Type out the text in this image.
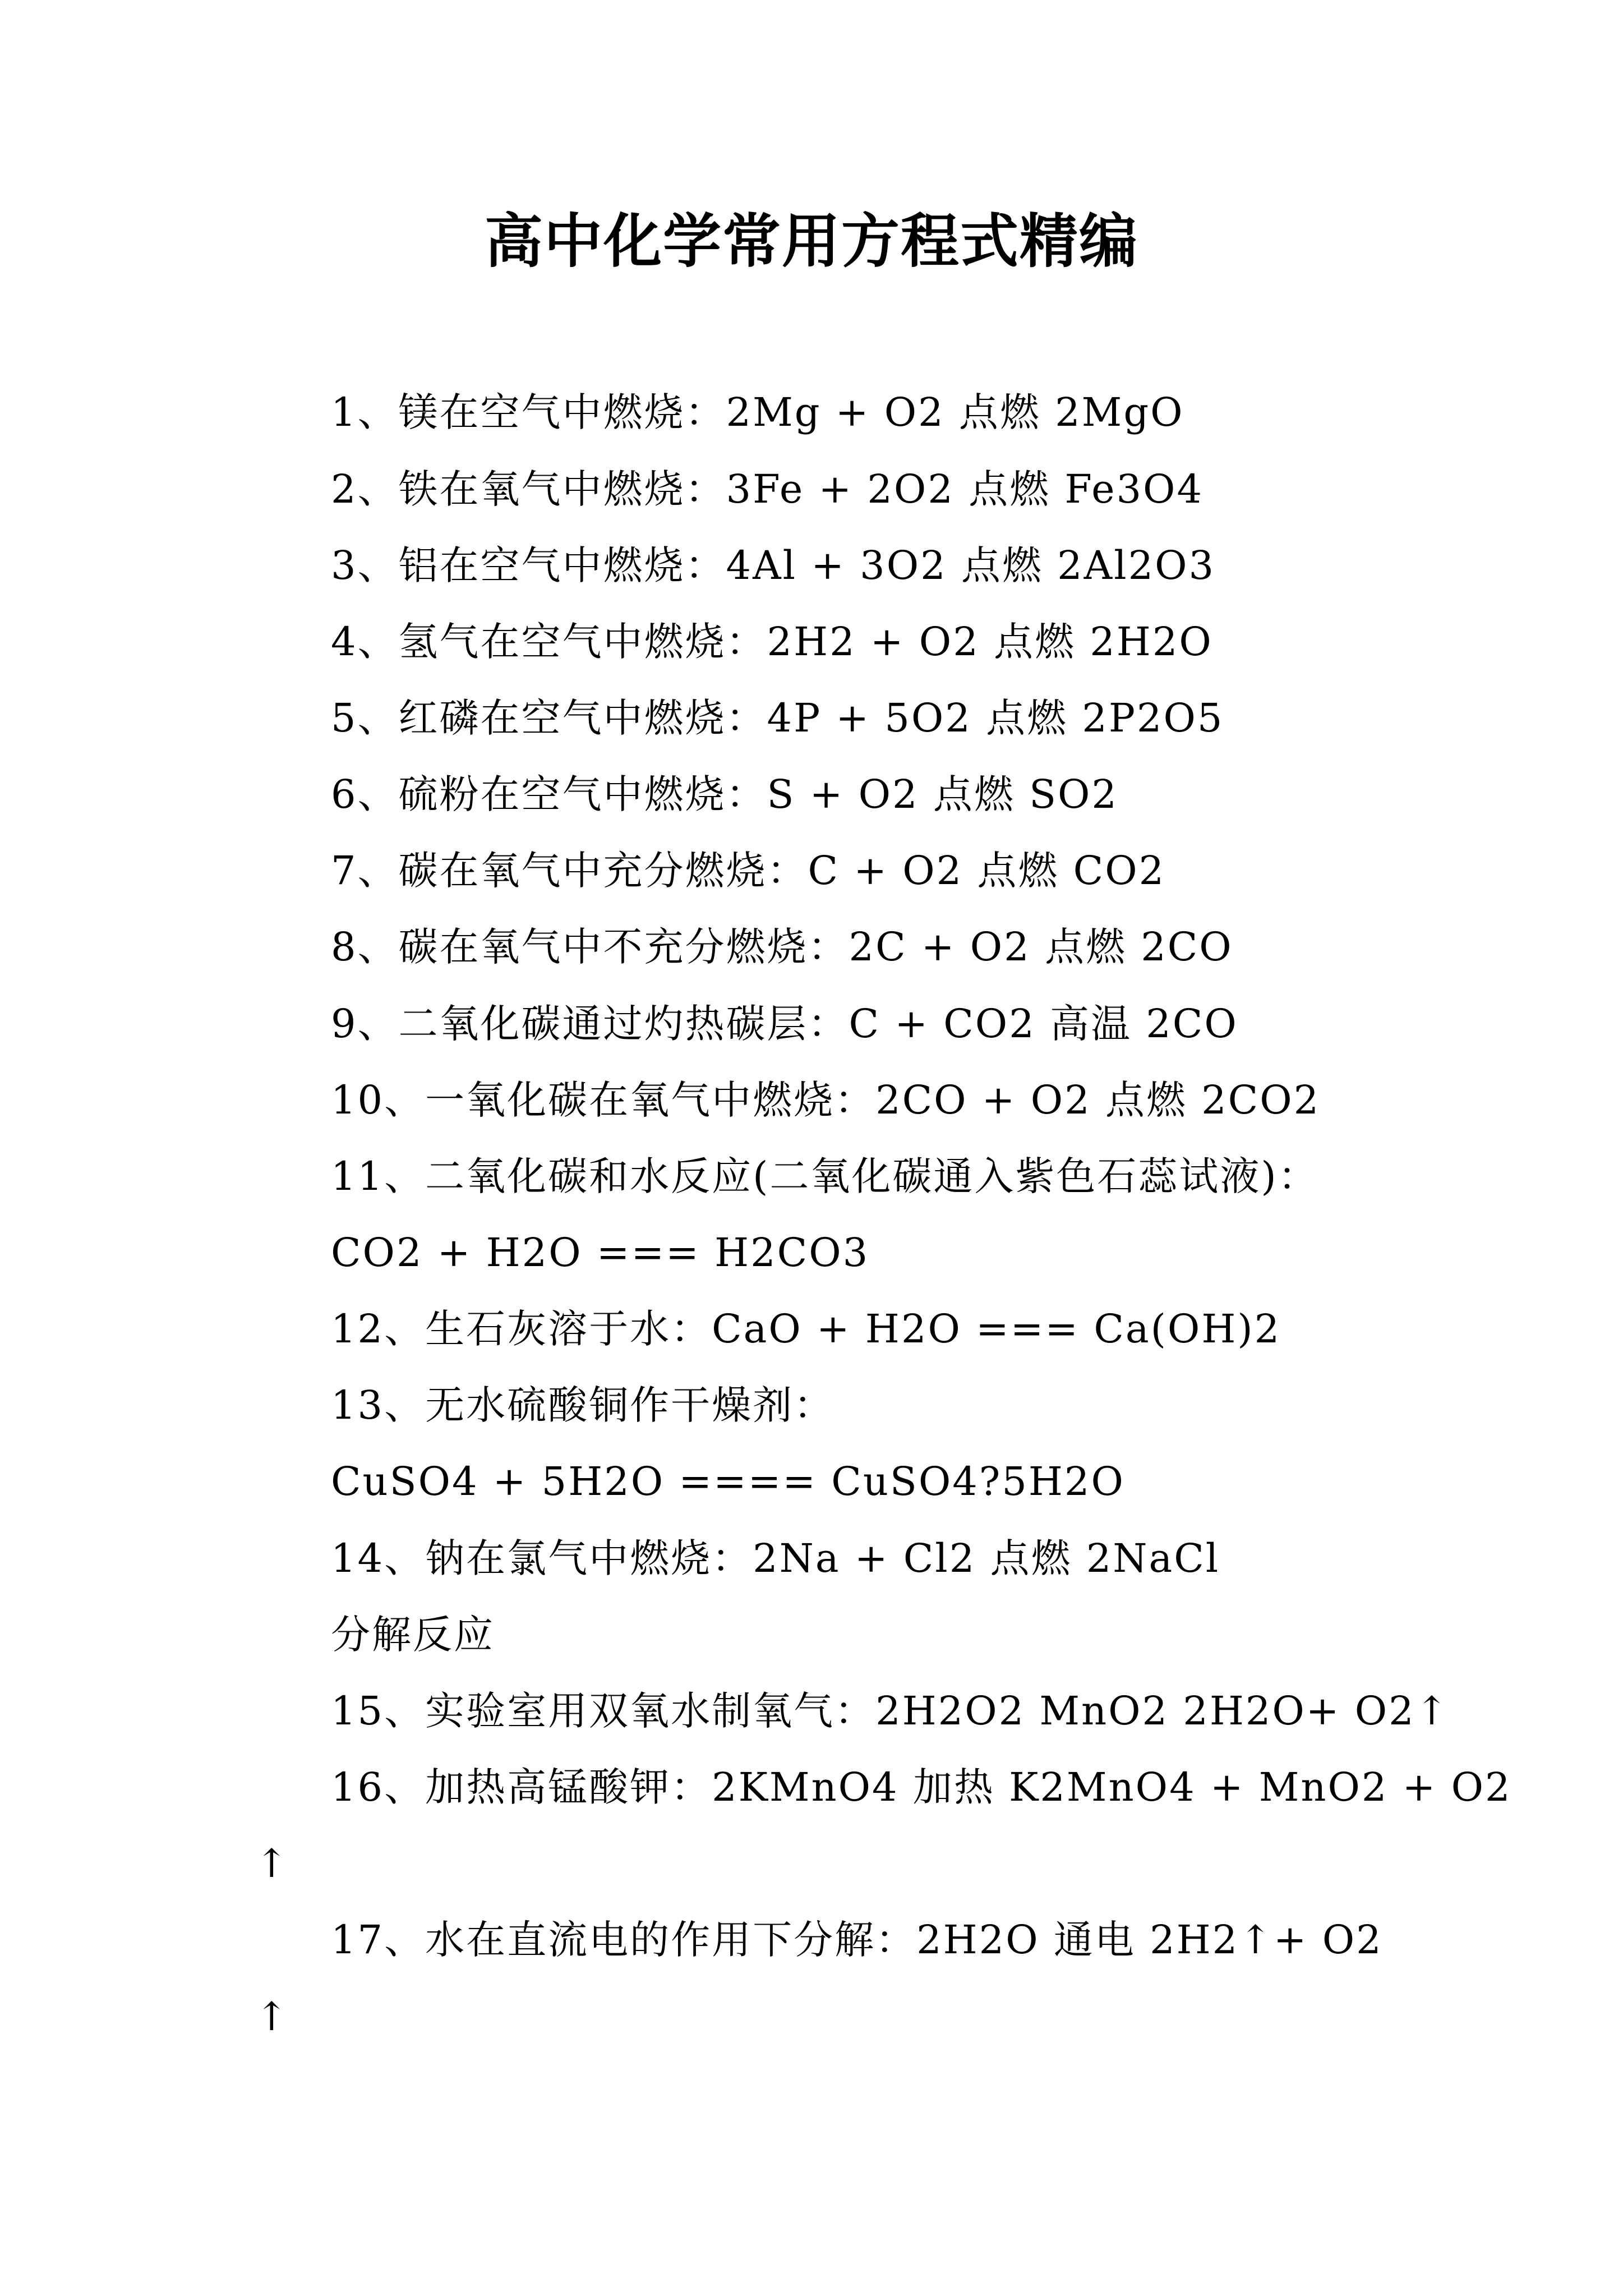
高中化学常用方程式精编
1、镁在空气中燃烧：2Mg + O2 点燃 2MgO
2、铁在氧气中燃烧：3Fe + 2O2 点燃 Fe3O4
3、铝在空气中燃烧：4Al + 3O2 点燃 2Al2O3
4、氢气在空气中燃烧：2H2 + O2 点燃 2H2O
5、红磷在空气中燃烧：4P + 5O2 点燃 2P2O5
6、硫粉在空气中燃烧：S + O2 点燃 SO2
7、碳在氧气中充分燃烧：C + O2 点燃 CO2
8、碳在氧气中不充分燃烧：2C + O2 点燃 2CO
9、二氧化碳通过灼热碳层：C + CO2 高温 2CO
10、一氧化碳在氧气中燃烧：2CO + O2 点燃 2CO2
11、二氧化碳和水反应(二氧化碳通入紫色石蕊试液)：
CO2 + H2O === H2CO3
12、生石灰溶于水：CaO + H2O === Ca(OH)2
13、无水硫酸铜作干燥剂：
CuSO4 + 5H2O ==== CuSO4?5H2O
14、钠在氯气中燃烧：2Na + Cl2 点燃 2NaCl
分解反应
15、实验室用双氧水制氧气：2H2O2 MnO2 2H2O+ O2↑
16、加热高锰酸钾：2KMnO4 加热 K2MnO4 + MnO2 + O2
↑
17、水在直流电的作用下分解：2H2O 通电 2H2↑+ O2
↑
